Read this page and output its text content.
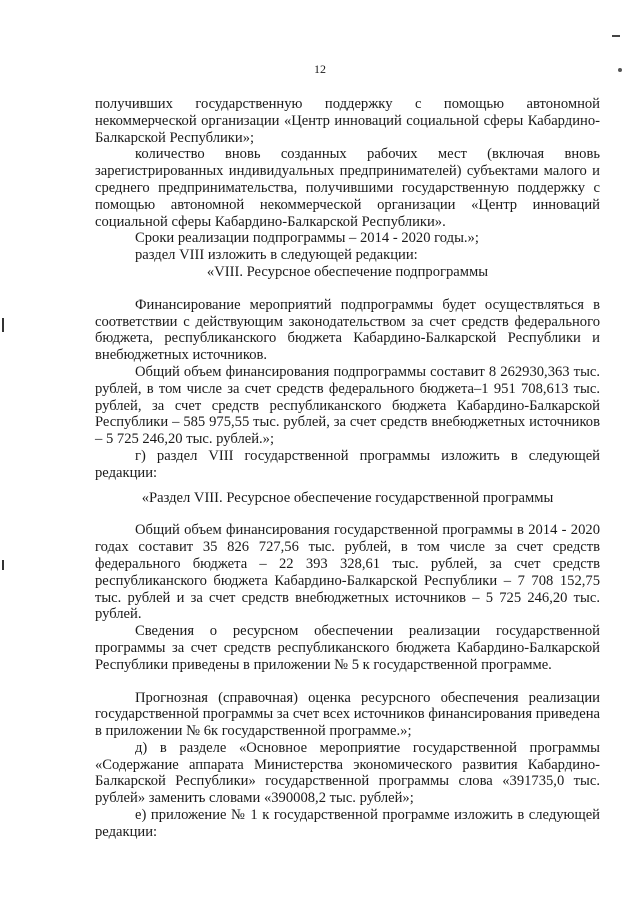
12

получивших государственную поддержку с помощью автономной некоммерческой организации «Центр инноваций социальной сферы Кабардино-Балкарской Республики»;

количество вновь созданных рабочих мест (включая вновь зарегистрированных индивидуальных предпринимателей) субъектами малого и среднего предпринимательства, получившими государственную поддержку с помощью автономной некоммерческой организации «Центр инноваций социальной сферы Кабардино-Балкарской Республики».

Сроки реализации подпрограммы – 2014 - 2020 годы.»;

раздел VIII изложить в следующей редакции:

«VIII. Ресурсное обеспечение подпрограммы

Финансирование мероприятий подпрограммы будет осуществляться в соответствии с действующим законодательством за счет средств федерального бюджета, республиканского бюджета Кабардино-Балкарской Республики и внебюджетных источников.

Общий объем финансирования подпрограммы составит 8 262930,363 тыс. рублей, в том числе за счет средств федерального бюджета–1 951 708,613 тыс. рублей, за счет средств республиканского бюджета Кабардино-Балкарской Республики – 585 975,55 тыс. рублей, за счет средств внебюджетных источников – 5 725 246,20 тыс. рублей.»;

г) раздел VIII государственной программы изложить в следующей редакции:

«Раздел VIII. Ресурсное обеспечение государственной программы

Общий объем финансирования государственной программы в 2014 - 2020 годах составит 35 826 727,56 тыс. рублей, в том числе за счет средств федерального бюджета – 22 393 328,61 тыс. рублей, за счет средств республиканского бюджета Кабардино-Балкарской Республики – 7 708 152,75 тыс. рублей и за счет средств внебюджетных источников – 5 725 246,20 тыс. рублей.

Сведения о ресурсном обеспечении реализации государственной программы за счет средств республиканского бюджета Кабардино-Балкарской Республики приведены в приложении № 5 к государственной программе.

Прогнозная (справочная) оценка ресурсного обеспечения реализации государственной программы за счет всех источников финансирования приведена в приложении № 6к государственной программе.»;

д) в разделе «Основное мероприятие государственной программы «Содержание аппарата Министерства экономического развития Кабардино-Балкарской Республики» государственной программы слова «391735,0 тыс. рублей» заменить словами «390008,2 тыс. рублей»;

е) приложение № 1 к государственной программе изложить в следующей редакции:
